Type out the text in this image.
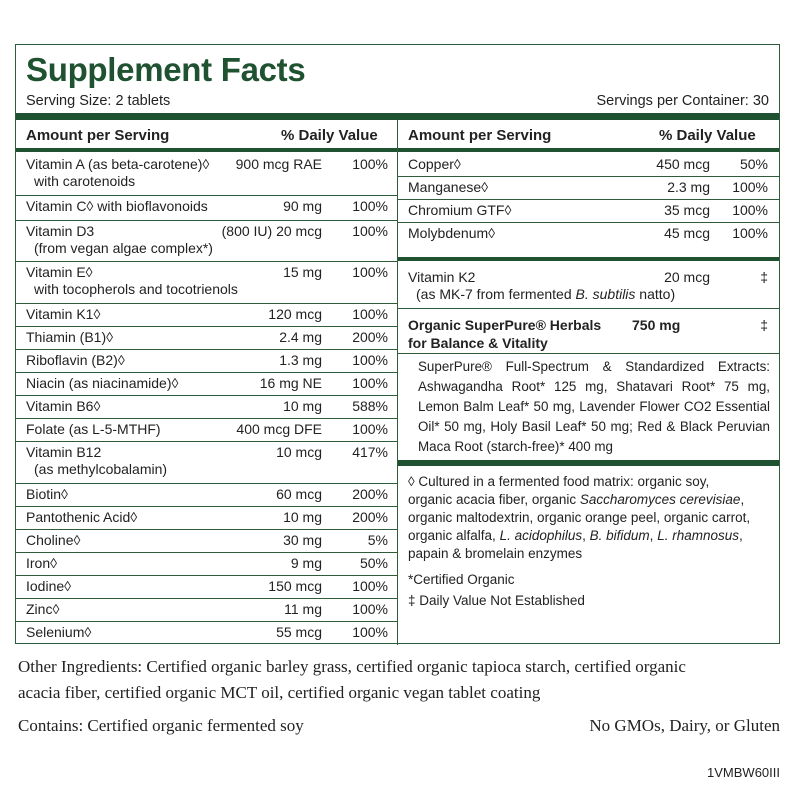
Supplement Facts
Serving Size: 2 tablets	Servings per Container: 30
Amount per Serving	% Daily Value
Vitamin A (as beta-carotene)◊
with carotenoids
900 mcg RAE 100%
Vitamin C◊ with bioflavonoids	90 mg 100%
Vitamin D3
(from vegan algae complex*)
(800 IU) 20 mcg 100%
Vitamin E◊
with tocopherols and tocotrienols
15 mg 100%
Vitamin K1◊	120 mcg 100%
Thiamin (B1)◊	2.4 mg 200%
Riboflavin (B2)◊	1.3 mg 100%
Niacin (as niacinamide)◊	16 mg NE 100%
Vitamin B6◊	10 mg 588%
Folate (as L-5-MTHF)	400 mcg DFE 100%
Vitamin B12
(as methylcobalamin)
10 mcg 417%
Biotin◊	60 mcg 200%
Pantothenic Acid◊	10 mg 200%
Choline◊	30 mg	5%
Iron◊	9 mg	50%
Iodine◊	150 mcg 100%
Zinc◊	11 mg 100%
Selenium◊	55 mcg 100%
Amount per Serving	% Daily Value
Copper◊	450 mcg 50%
Manganese◊	2.3 mg 100%
Chromium GTF◊	35 mcg 100%
Molybdenum◊	45 mcg 100%
Vitamin K2
(as MK-7 from fermented B. subtilis natto)
20 mcg	‡
Organic SuperPure® Herbals
for Balance & Vitality
750 mg	‡
SuperPure® Full-Spectrum & Standardized Extracts: Ashwagandha Root* 125 mg, Shatavari Root* 75 mg, Lemon Balm Leaf* 50 mg, Lavender Flower CO2 Essential Oil* 50 mg, Holy Basil Leaf* 50 mg; Red & Black Peruvian Maca Root (starch-free)* 400 mg
◊ Cultured in a fermented food matrix: organic soy,
organic acacia fiber, organic Saccharomyces cerevisiae,
organic maltodextrin, organic orange peel, organic carrot,
organic alfalfa, L. acidophilus, B. bifidum, L. rhamnosus,
papain & bromelain enzymes
*Certified Organic
‡ Daily Value Not Established
Other Ingredients: Certified organic barley grass, certified organic tapioca starch, certified organic
acacia fiber, certified organic MCT oil, certified organic vegan tablet coating
Contains: Certified organic fermented soy	No GMOs, Dairy, or Gluten
1VMBW60III
